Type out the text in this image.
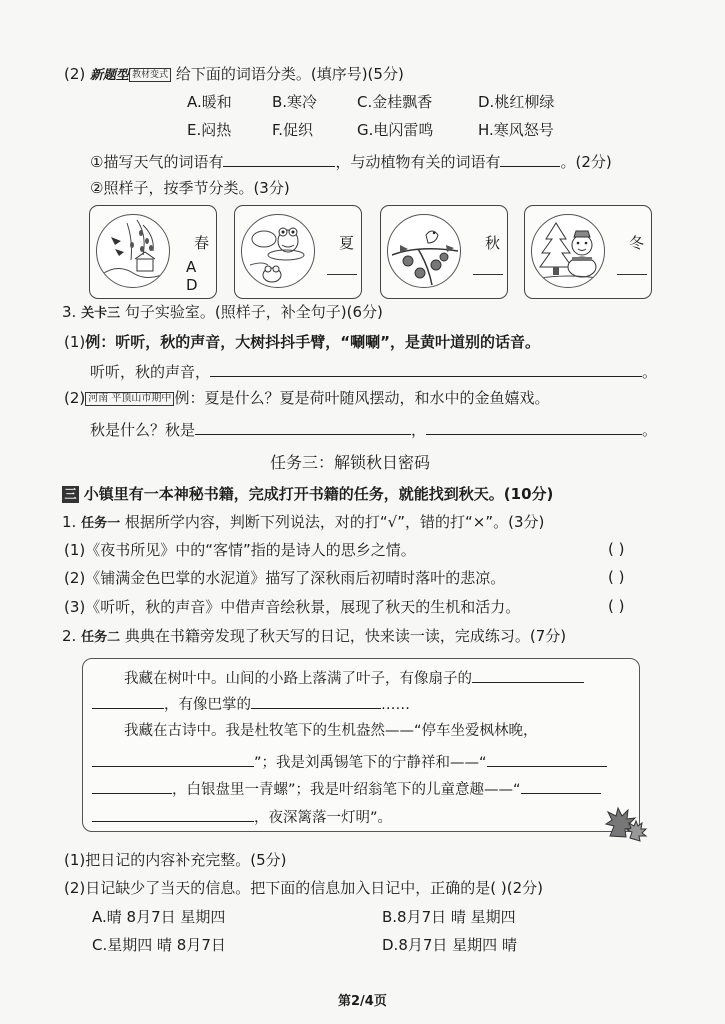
(2) 新题型 教材变式 给下面的词语分类。(填序号)(5分)
A.暖和	B.寒冷	C.金桂飘香	D.桃红柳绿
E.闷热	F.促织	G.电闪雷鸣	H.寒风怒号
①描写天气的词语有	，与动植物有关的词语有	。(2分)
②照样子，按季节分类。(3分)
春
A D
夏	秋	冬
3. 关卡三 句子实验室。(照样子，补全句子)(6分)
(1)例：听听，秋的声音，大树抖抖手臂，“唰唰”，是黄叶道别的话音。
听听，秋的声音，	。
(2) 河南 平顶山市期中 例：夏是什么？夏是荷叶随风摆动，和水中的金鱼嬉戏。
秋是什么？秋是	，	。
任务三：解锁秋日密码
三 小镇里有一本神秘书籍，完成打开书籍的任务，就能找到秋天。(10分)
1. 任务一 根据所学内容，判断下列说法，对的打“√”，错的打“×”。(3分)
(1)《夜书所见》中的“客情”指的是诗人的思乡之情。	( )
(2)《铺满金色巴掌的水泥道》描写了深秋雨后初晴时落叶的悲凉。	( )
(3)《听听，秋的声音》中借声音绘秋景，展现了秋天的生机和活力。	( )
2. 任务二 典典在书籍旁发现了秋天写的日记，快来读一读，完成练习。(7分)
我藏在树叶中。山间的小路上落满了叶子，有像扇子的
，有像巴掌的	……
我藏在古诗中。我是杜牧笔下的生机盎然——“停车坐爱枫林晚，
”；我是刘禹锡笔下的宁静祥和——“
，白银盘里一青螺”；我是叶绍翁笔下的儿童意趣——“
，夜深篱落一灯明”。
(1)把日记的内容补充完整。(5分)
(2)日记缺少了当天的信息。把下面的信息加入日记中，正确的是( )(2分)
A.晴 8月7日 星期四	B.8月7日 晴 星期四
C.星期四 晴 8月7日	D.8月7日 星期四 晴
第2/4页
